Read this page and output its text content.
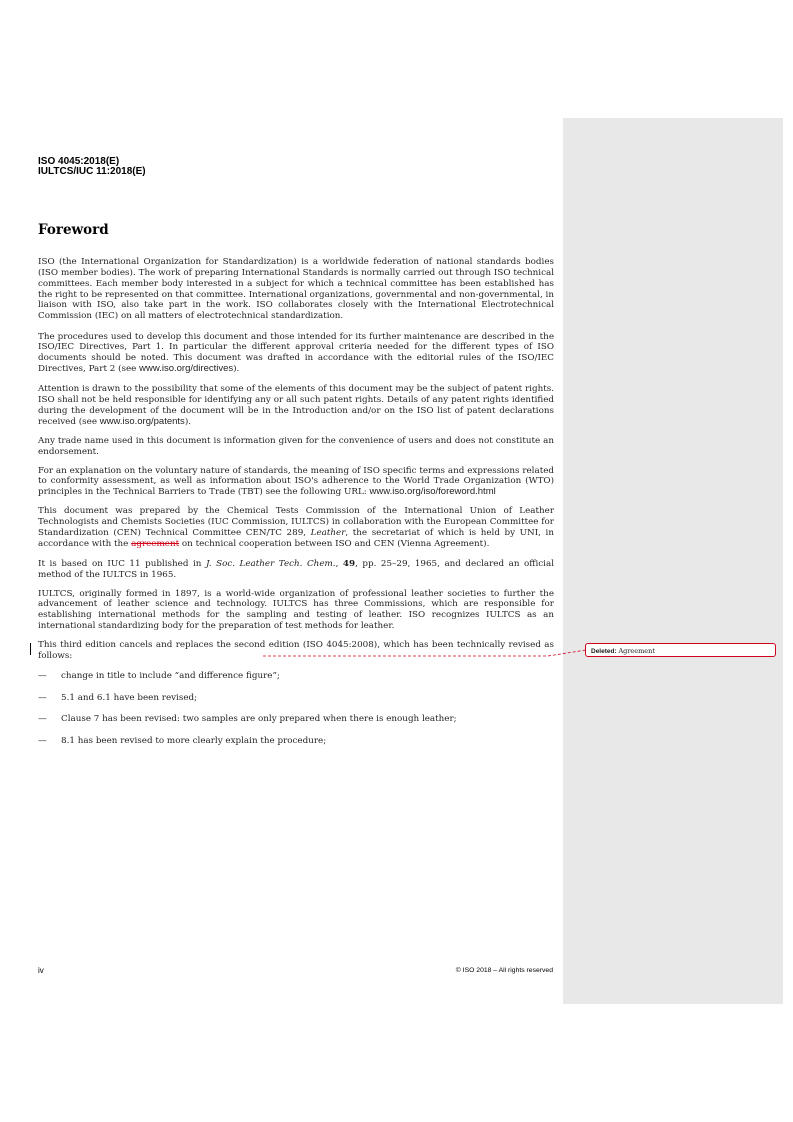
ISO 4045:2018(E)
IULTCS/IUC 11:2018(E)
Foreword

ISO (the International Organization for Standardization) is a worldwide federation of national standards bodies (ISO member bodies). The work of preparing International Standards is normally carried out through ISO technical committees. Each member body interested in a subject for which a technical committee has been established has the right to be represented on that committee. International organizations, governmental and non-governmental, in liaison with ISO, also take part in the work. ISO collaborates closely with the International Electrotechnical Commission (IEC) on all matters of electrotechnical standardization.

The procedures used to develop this document and those intended for its further maintenance are described in the ISO/IEC Directives, Part 1. In particular the different approval criteria needed for the different types of ISO documents should be noted. This document was drafted in accordance with the editorial rules of the ISO/IEC Directives, Part 2 (see www.iso.org/directives).

Attention is drawn to the possibility that some of the elements of this document may be the subject of patent rights. ISO shall not be held responsible for identifying any or all such patent rights. Details of any patent rights identified during the development of the document will be in the Introduction and/or on the ISO list of patent declarations received (see www.iso.org/patents).

Any trade name used in this document is information given for the convenience of users and does not constitute an endorsement.

For an explanation on the voluntary nature of standards, the meaning of ISO specific terms and expressions related to conformity assessment, as well as information about ISO's adherence to the World Trade Organization (WTO) principles in the Technical Barriers to Trade (TBT) see the following URL: www.iso.org/iso/foreword.html

This document was prepared by the Chemical Tests Commission of the International Union of Leather Technologists and Chemists Societies (IUC Commission, IULTCS) in collaboration with the European Committee for Standardization (CEN) Technical Committee CEN/TC 289, Leather, the secretariat of which is held by UNI, in accordance with the agreement on technical cooperation between ISO and CEN (Vienna Agreement).

It is based on IUC 11 published in J. Soc. Leather Tech. Chem., 49, pp. 25–29, 1965, and declared an official method of the IULTCS in 1965.

IULTCS, originally formed in 1897, is a world-wide organization of professional leather societies to further the advancement of leather science and technology. IULTCS has three Commissions, which are responsible for establishing international methods for the sampling and testing of leather. ISO recognizes IULTCS as an international standardizing body for the preparation of test methods for leather.

This third edition cancels and replaces the second edition (ISO 4045:2008), which has been technically revised as follows:

—	change in title to include “and difference figure”;
—	5.1 and 6.1 have been revised;
—	Clause 7 has been revised: two samples are only prepared when there is enough leather;
—	8.1 has been revised to more clearly explain the procedure;
Deleted: Agreement
iv	© ISO 2018 – All rights reserved
